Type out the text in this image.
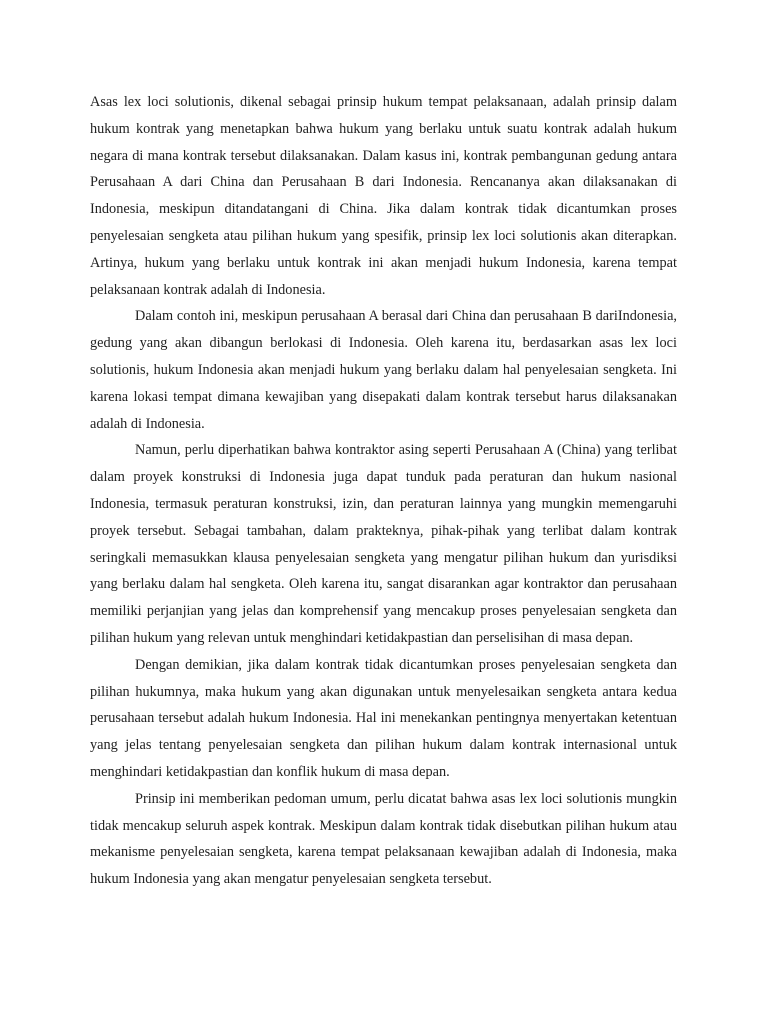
Asas lex loci solutionis, dikenal sebagai prinsip hukum tempat pelaksanaan, adalah prinsip dalam hukum kontrak yang menetapkan bahwa hukum yang berlaku untuk suatu kontrak adalah hukum negara di mana kontrak tersebut dilaksanakan. Dalam kasus ini, kontrak pembangunan gedung antara Perusahaan A dari China dan Perusahaan B dari Indonesia. Rencananya akan dilaksanakan di Indonesia, meskipun ditandatangani di China. Jika dalam kontrak tidak dicantumkan proses penyelesaian sengketa atau pilihan hukum yang spesifik, prinsip lex loci solutionis akan diterapkan. Artinya, hukum yang berlaku untuk kontrak ini akan menjadi hukum Indonesia, karena tempat pelaksanaan kontrak adalah di Indonesia.

Dalam contoh ini, meskipun perusahaan A berasal dari China dan perusahaan B dariIndonesia, gedung yang akan dibangun berlokasi di Indonesia. Oleh karena itu, berdasarkan asas lex loci solutionis, hukum Indonesia akan menjadi hukum yang berlaku dalam hal penyelesaian sengketa. Ini karena lokasi tempat dimana kewajiban yang disepakati dalam kontrak tersebut harus dilaksanakan adalah di Indonesia.

Namun, perlu diperhatikan bahwa kontraktor asing seperti Perusahaan A (China) yang terlibat dalam proyek konstruksi di Indonesia juga dapat tunduk pada peraturan dan hukum nasional Indonesia, termasuk peraturan konstruksi, izin, dan peraturan lainnya yang mungkin memengaruhi proyek tersebut. Sebagai tambahan, dalam prakteknya, pihak-pihak yang terlibat dalam kontrak seringkali memasukkan klausa penyelesaian sengketa yang mengatur pilihan hukum dan yurisdiksi yang berlaku dalam hal sengketa. Oleh karena itu, sangat disarankan agar kontraktor dan perusahaan memiliki perjanjian yang jelas dan komprehensif yang mencakup proses penyelesaian sengketa dan pilihan hukum yang relevan untuk menghindari ketidakpastian dan perselisihan di masa depan.

Dengan demikian, jika dalam kontrak tidak dicantumkan proses penyelesaian sengketa dan pilihan hukumnya, maka hukum yang akan digunakan untuk menyelesaikan sengketa antara kedua perusahaan tersebut adalah hukum Indonesia. Hal ini menekankan pentingnya menyertakan ketentuan yang jelas tentang penyelesaian sengketa dan pilihan hukum dalam kontrak internasional untuk menghindari ketidakpastian dan konflik hukum di masa depan.

Prinsip ini memberikan pedoman umum, perlu dicatat bahwa asas lex loci solutionis mungkin tidak mencakup seluruh aspek kontrak. Meskipun dalam kontrak tidak disebutkan pilihan hukum atau mekanisme penyelesaian sengketa, karena tempat pelaksanaan kewajiban adalah di Indonesia, maka hukum Indonesia yang akan mengatur penyelesaian sengketa tersebut.
